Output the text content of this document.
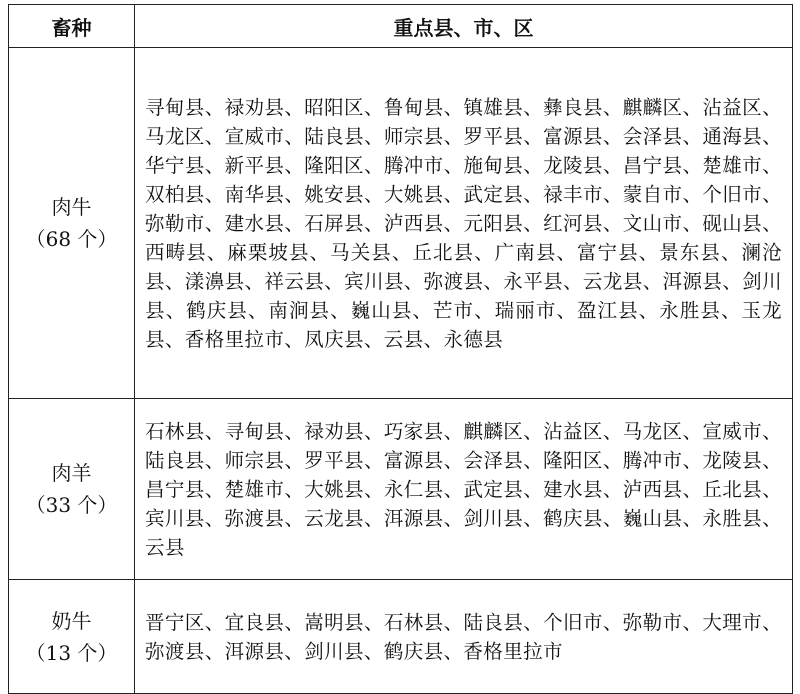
畜种	重点县、市、区

肉牛
（68 个）	寻甸县、禄劝县、昭阳区、鲁甸县、镇雄县、彝良县、麒麟区、沾益区、马龙区、宣威市、陆良县、师宗县、罗平县、富源县、会泽县、通海县、华宁县、新平县、隆阳区、腾冲市、施甸县、龙陵县、昌宁县、楚雄市、双柏县、南华县、姚安县、大姚县、武定县、禄丰市、蒙自市、个旧市、弥勒市、建水县、石屏县、泸西县、元阳县、红河县、文山市、砚山县、西畴县、麻栗坡县、马关县、丘北县、广南县、富宁县、景东县、澜沧县、漾濞县、祥云县、宾川县、弥渡县、永平县、云龙县、洱源县、剑川县、鹤庆县、南涧县、巍山县、芒市、瑞丽市、盈江县、永胜县、玉龙县、香格里拉市、凤庆县、云县、永德县

肉羊
（33 个）	石林县、寻甸县、禄劝县、巧家县、麒麟区、沾益区、马龙区、宣威市、陆良县、师宗县、罗平县、富源县、会泽县、隆阳区、腾冲市、龙陵县、昌宁县、楚雄市、大姚县、永仁县、武定县、建水县、泸西县、丘北县、宾川县、弥渡县、云龙县、洱源县、剑川县、鹤庆县、巍山县、永胜县、云县

奶牛
（13 个）	晋宁区、宜良县、嵩明县、石林县、陆良县、个旧市、弥勒市、大理市、弥渡县、洱源县、剑川县、鹤庆县、香格里拉市
